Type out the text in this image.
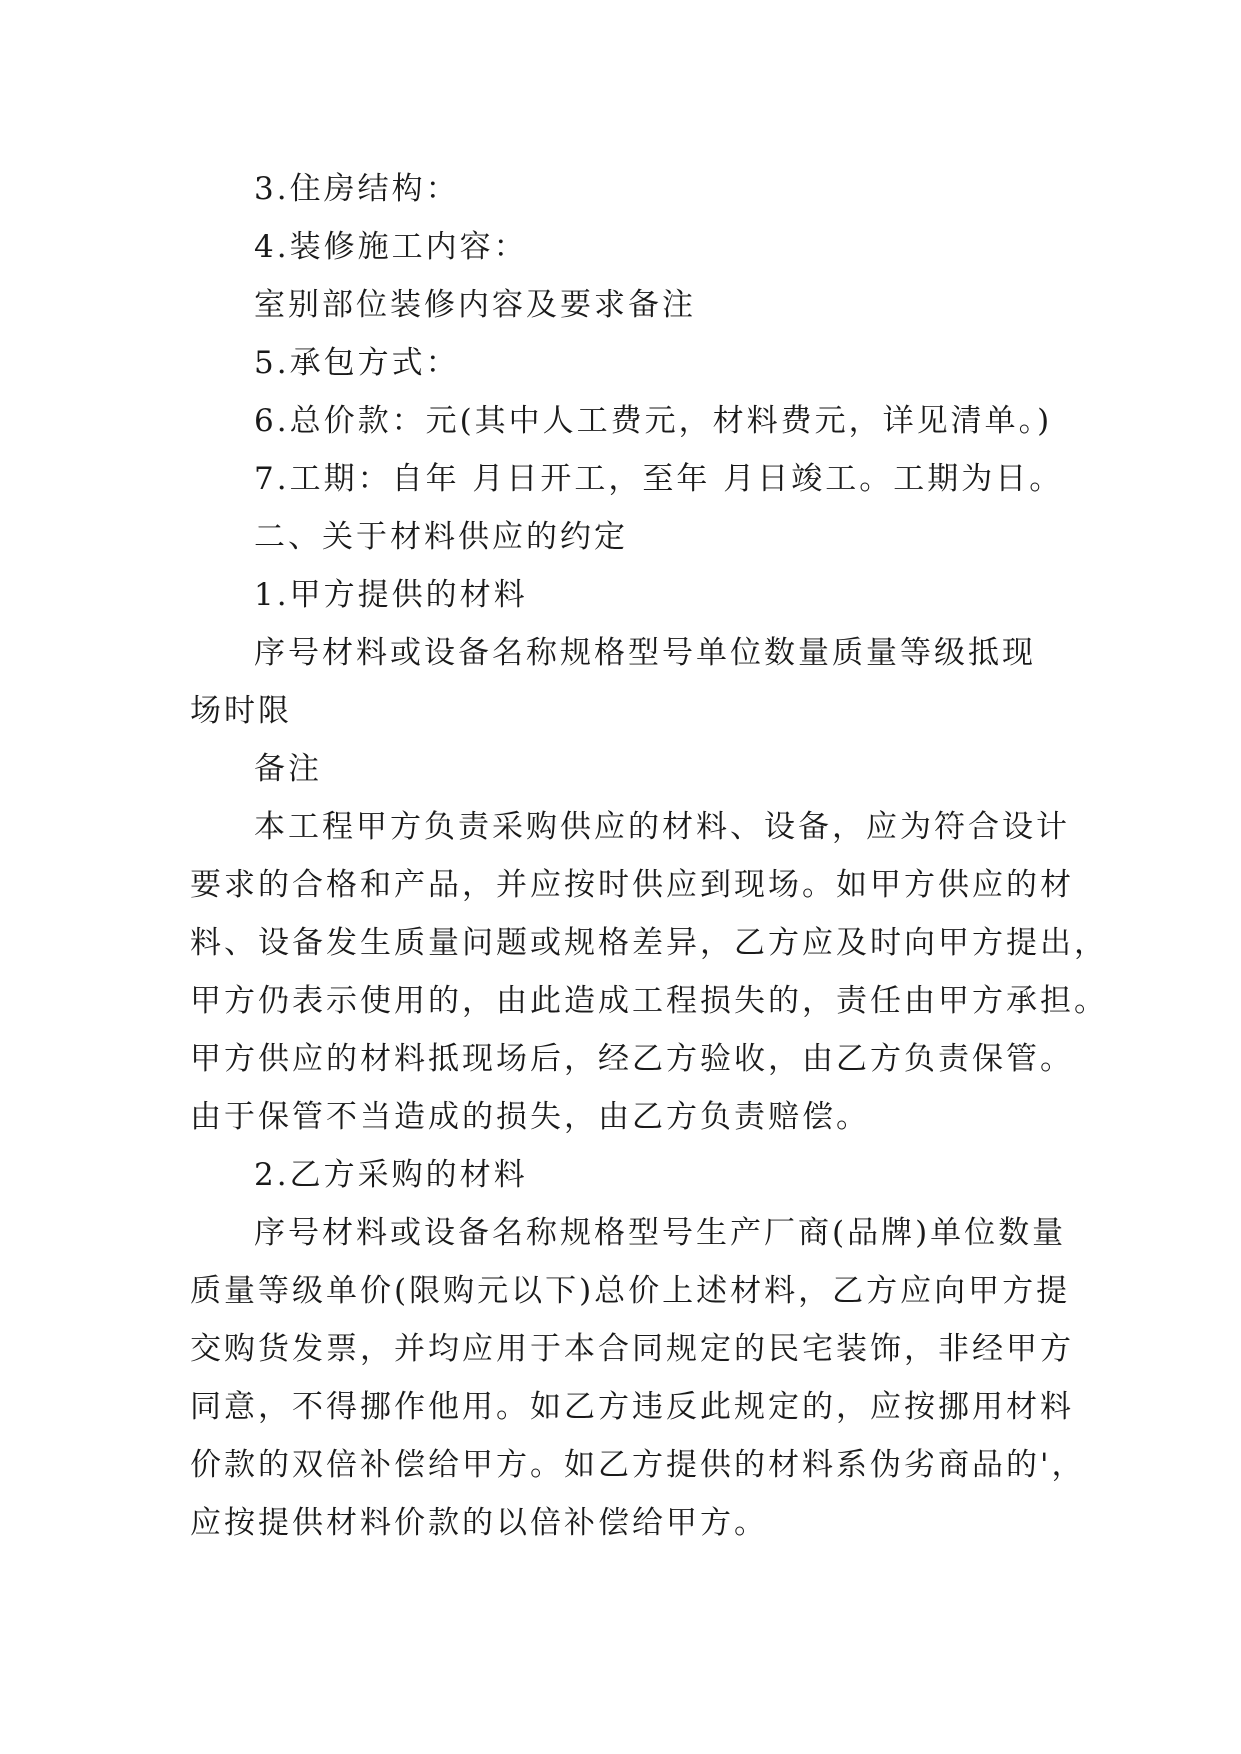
3.住房结构：
4.装修施工内容：
室别部位装修内容及要求备注
5.承包方式：
6.总价款：元(其中人工费元，材料费元，详见清单。)
7.工期：自年 月日开工，至年 月日竣工。工期为日。
二、关于材料供应的约定
1.甲方提供的材料
序号材料或设备名称规格型号单位数量质量等级抵现
场时限
备注
本工程甲方负责采购供应的材料、设备，应为符合设计
要求的合格和产品，并应按时供应到现场。如甲方供应的材
料、设备发生质量问题或规格差异，乙方应及时向甲方提出，
甲方仍表示使用的，由此造成工程损失的，责任由甲方承担。
甲方供应的材料抵现场后，经乙方验收，由乙方负责保管。
由于保管不当造成的损失，由乙方负责赔偿。
2.乙方采购的材料
序号材料或设备名称规格型号生产厂商(品牌)单位数量
质量等级单价(限购元以下)总价上述材料，乙方应向甲方提
交购货发票，并均应用于本合同规定的民宅装饰，非经甲方
同意，不得挪作他用。如乙方违反此规定的，应按挪用材料
价款的双倍补偿给甲方。如乙方提供的材料系伪劣商品的'，
应按提供材料价款的以倍补偿给甲方。
